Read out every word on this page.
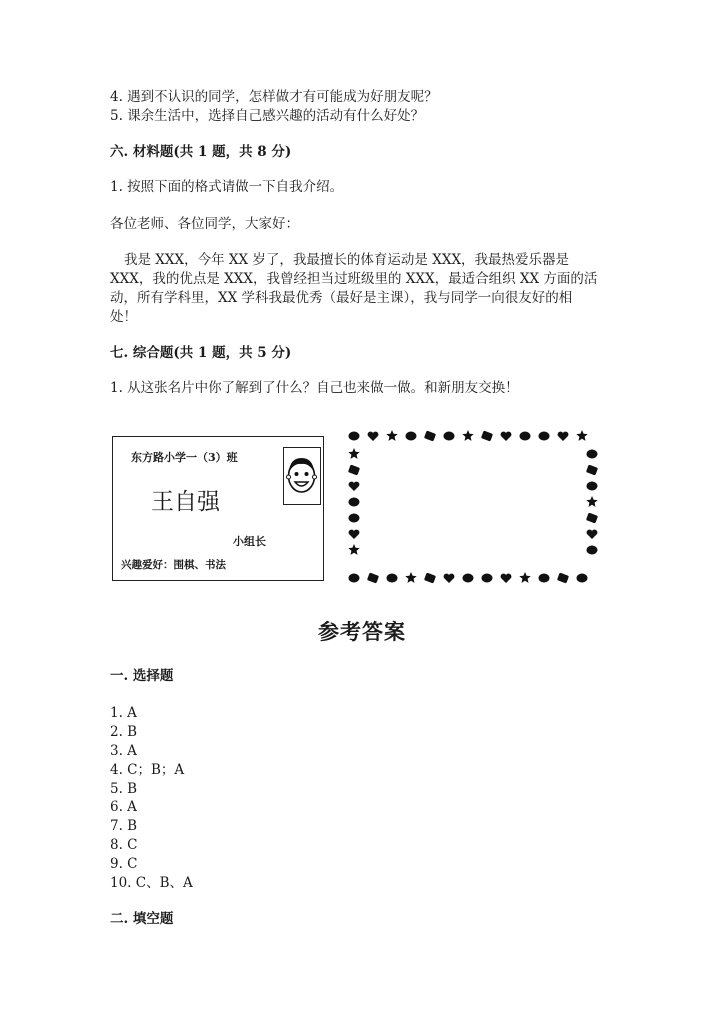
4. 遇到不认识的同学，怎样做才有可能成为好朋友呢？
5. 课余生活中，选择自己感兴趣的活动有什么好处？
六. 材料题(共 1 题，共 8 分)
1. 按照下面的格式请做一下自我介绍。
各位老师、各位同学，大家好：
我是 XXX，今年 XX 岁了，我最擅长的体育运动是 XXX，我最热爱乐器是
XXX，我的优点是 XXX，我曾经担当过班级里的 XXX，最适合组织 XX 方面的活
动，所有学科里，XX 学科我最优秀（最好是主课），我与同学一向很友好的相
处！
七. 综合题(共 1 题，共 5 分)
1. 从这张名片中你了解到了什么？自己也来做一做。和新朋友交换！
东方路小学一（3）班
王自强
小组长
兴趣爱好：围棋、书法
参考答案
一. 选择题
1. A
2. B
3. A
4. C；B；A
5. B
6. A
7. B
8. C
9. C
10. C、B、A
二. 填空题
